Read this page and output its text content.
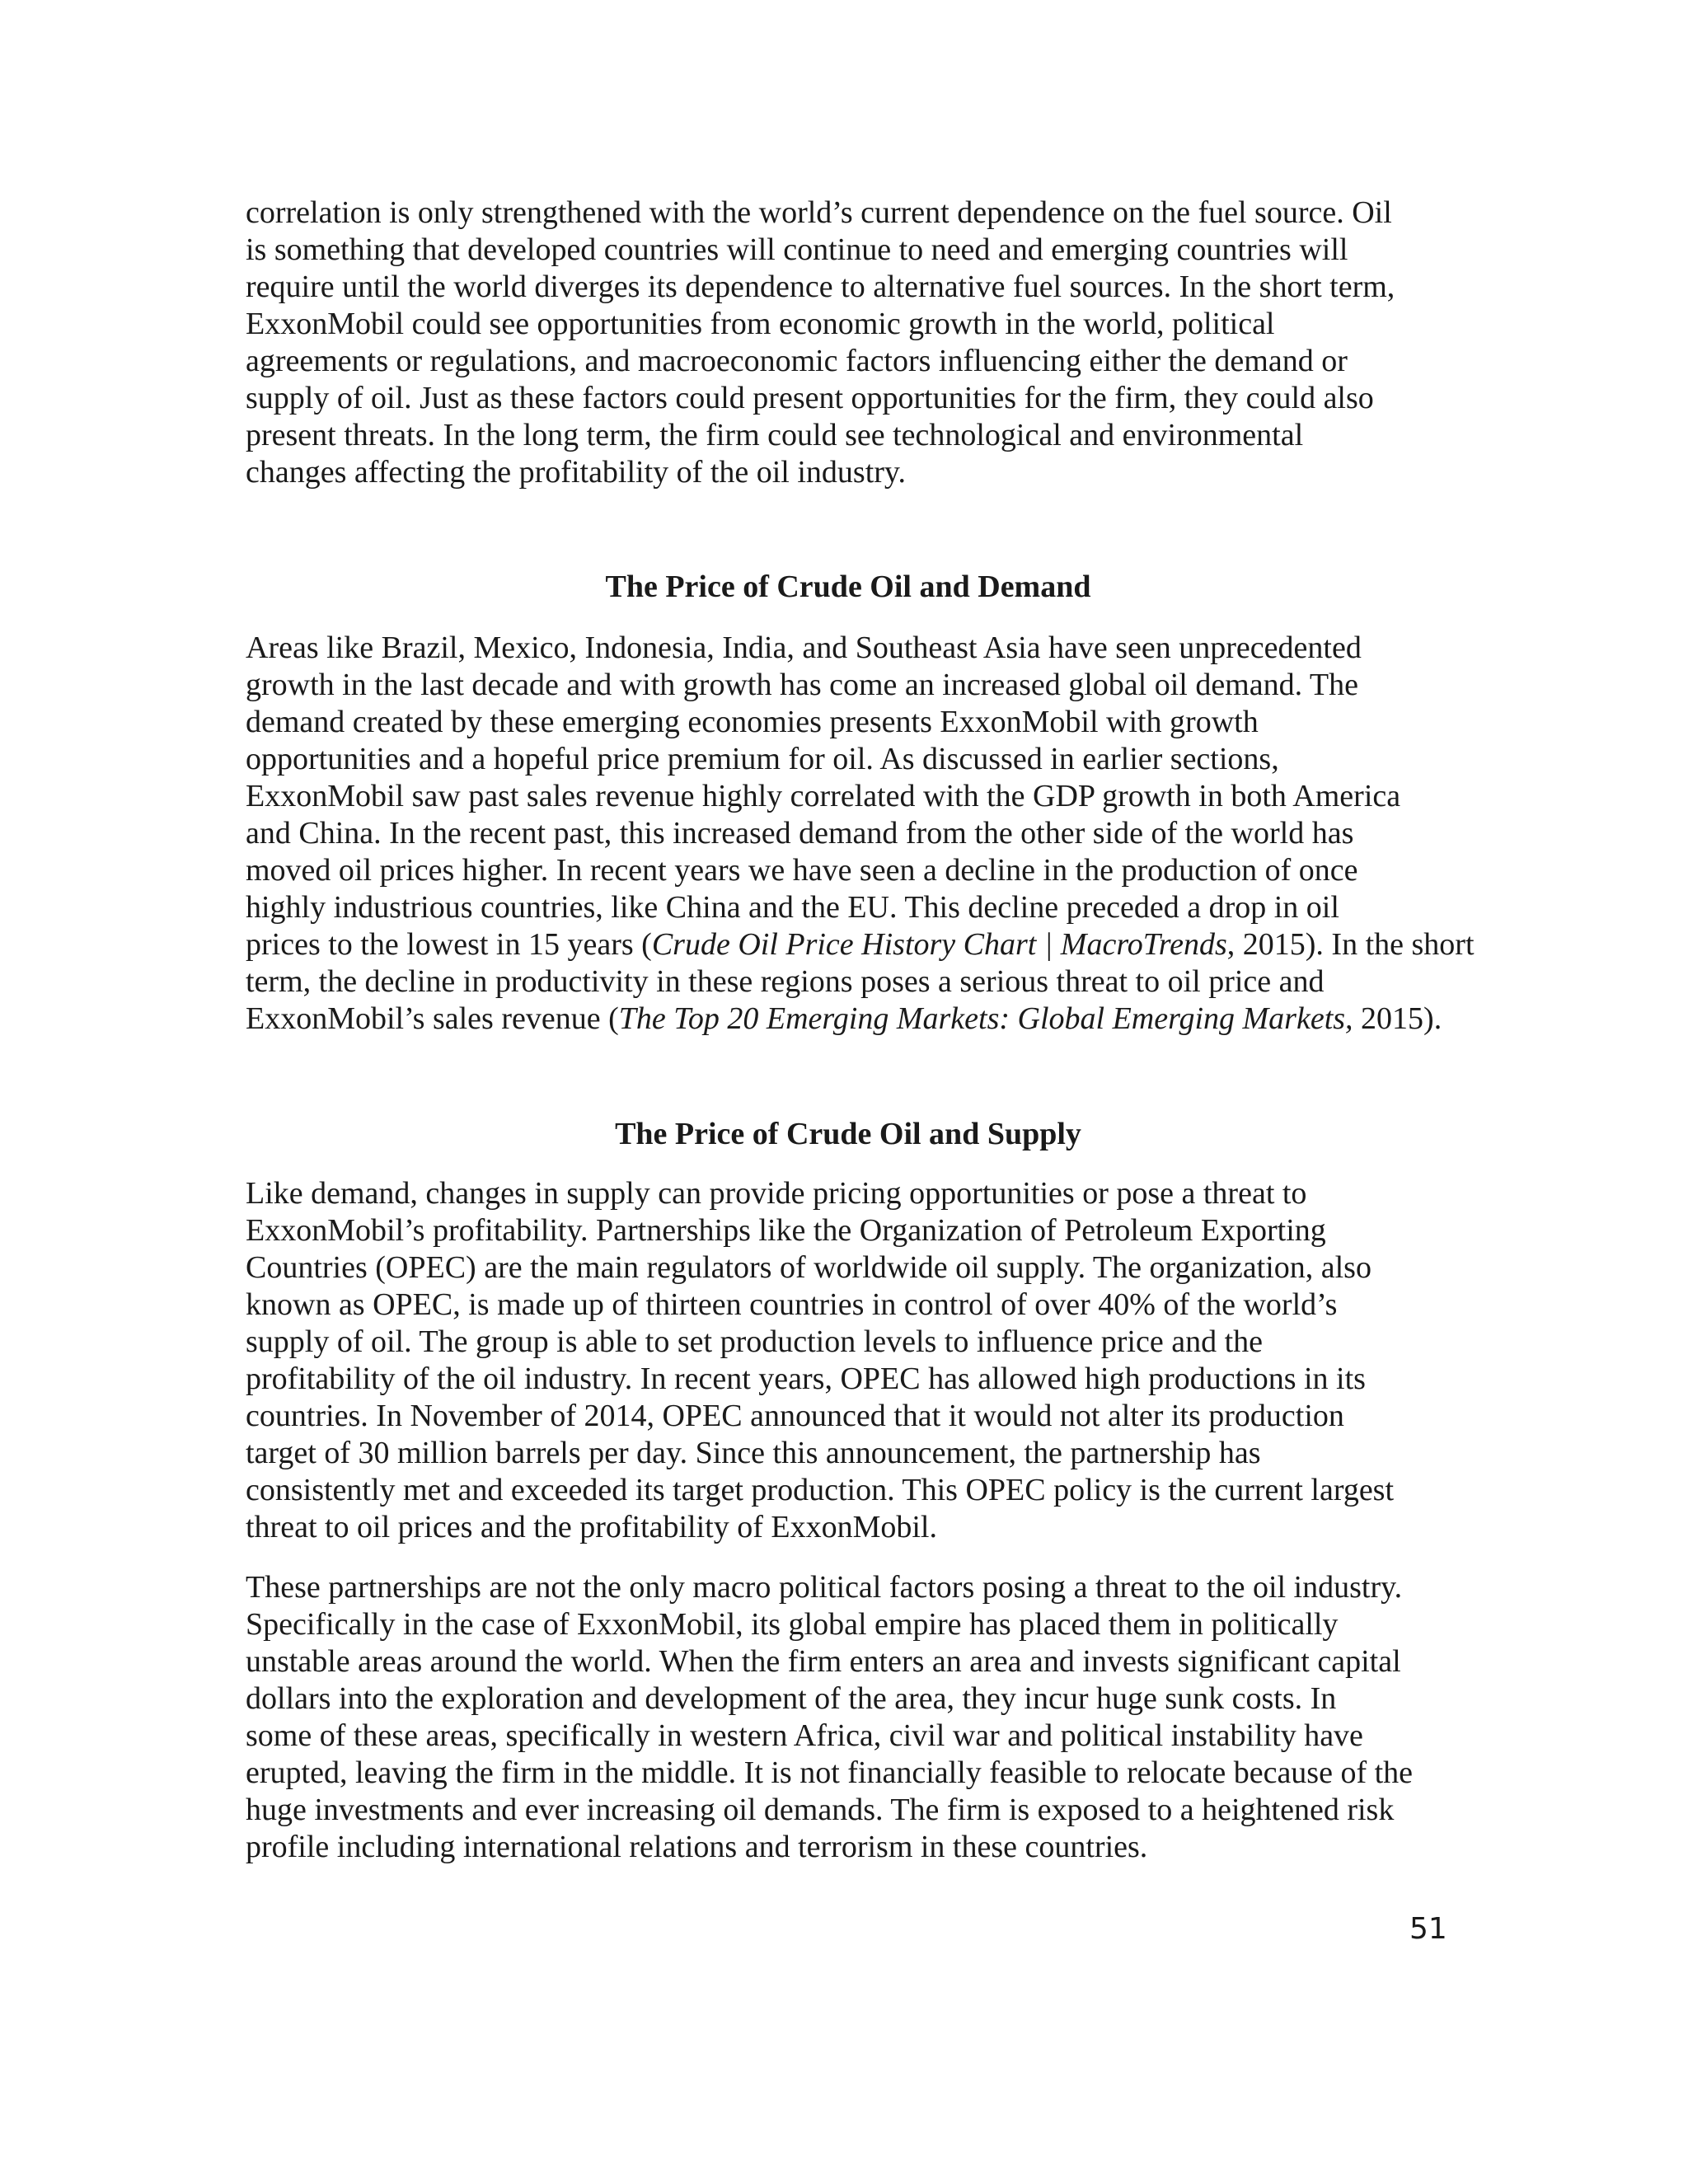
correlation is only strengthened with the world’s current dependence on the fuel source. Oil
is something that developed countries will continue to need and emerging countries will
require until the world diverges its dependence to alternative fuel sources. In the short term,
ExxonMobil could see opportunities from economic growth in the world, political
agreements or regulations, and macroeconomic factors influencing either the demand or
supply of oil. Just as these factors could present opportunities for the firm, they could also
present threats. In the long term, the firm could see technological and environmental
changes affecting the profitability of the oil industry.

The Price of Crude Oil and Demand

Areas like Brazil, Mexico, Indonesia, India, and Southeast Asia have seen unprecedented
growth in the last decade and with growth has come an increased global oil demand. The
demand created by these emerging economies presents ExxonMobil with growth
opportunities and a hopeful price premium for oil. As discussed in earlier sections,
ExxonMobil saw past sales revenue highly correlated with the GDP growth in both America
and China. In the recent past, this increased demand from the other side of the world has
moved oil prices higher. In recent years we have seen a decline in the production of once
highly industrious countries, like China and the EU. This decline preceded a drop in oil
prices to the lowest in 15 years (Crude Oil Price History Chart | MacroTrends, 2015). In the short
term, the decline in productivity in these regions poses a serious threat to oil price and
ExxonMobil’s sales revenue (The Top 20 Emerging Markets: Global Emerging Markets, 2015).

The Price of Crude Oil and Supply

Like demand, changes in supply can provide pricing opportunities or pose a threat to
ExxonMobil’s profitability. Partnerships like the Organization of Petroleum Exporting
Countries (OPEC) are the main regulators of worldwide oil supply. The organization, also
known as OPEC, is made up of thirteen countries in control of over 40% of the world’s
supply of oil. The group is able to set production levels to influence price and the
profitability of the oil industry. In recent years, OPEC has allowed high productions in its
countries. In November of 2014, OPEC announced that it would not alter its production
target of 30 million barrels per day. Since this announcement, the partnership has
consistently met and exceeded its target production. This OPEC policy is the current largest
threat to oil prices and the profitability of ExxonMobil.

These partnerships are not the only macro political factors posing a threat to the oil industry.
Specifically in the case of ExxonMobil, its global empire has placed them in politically
unstable areas around the world. When the firm enters an area and invests significant capital
dollars into the exploration and development of the area, they incur huge sunk costs. In
some of these areas, specifically in western Africa, civil war and political instability have
erupted, leaving the firm in the middle. It is not financially feasible to relocate because of the
huge investments and ever increasing oil demands. The firm is exposed to a heightened risk
profile including international relations and terrorism in these countries.

51
